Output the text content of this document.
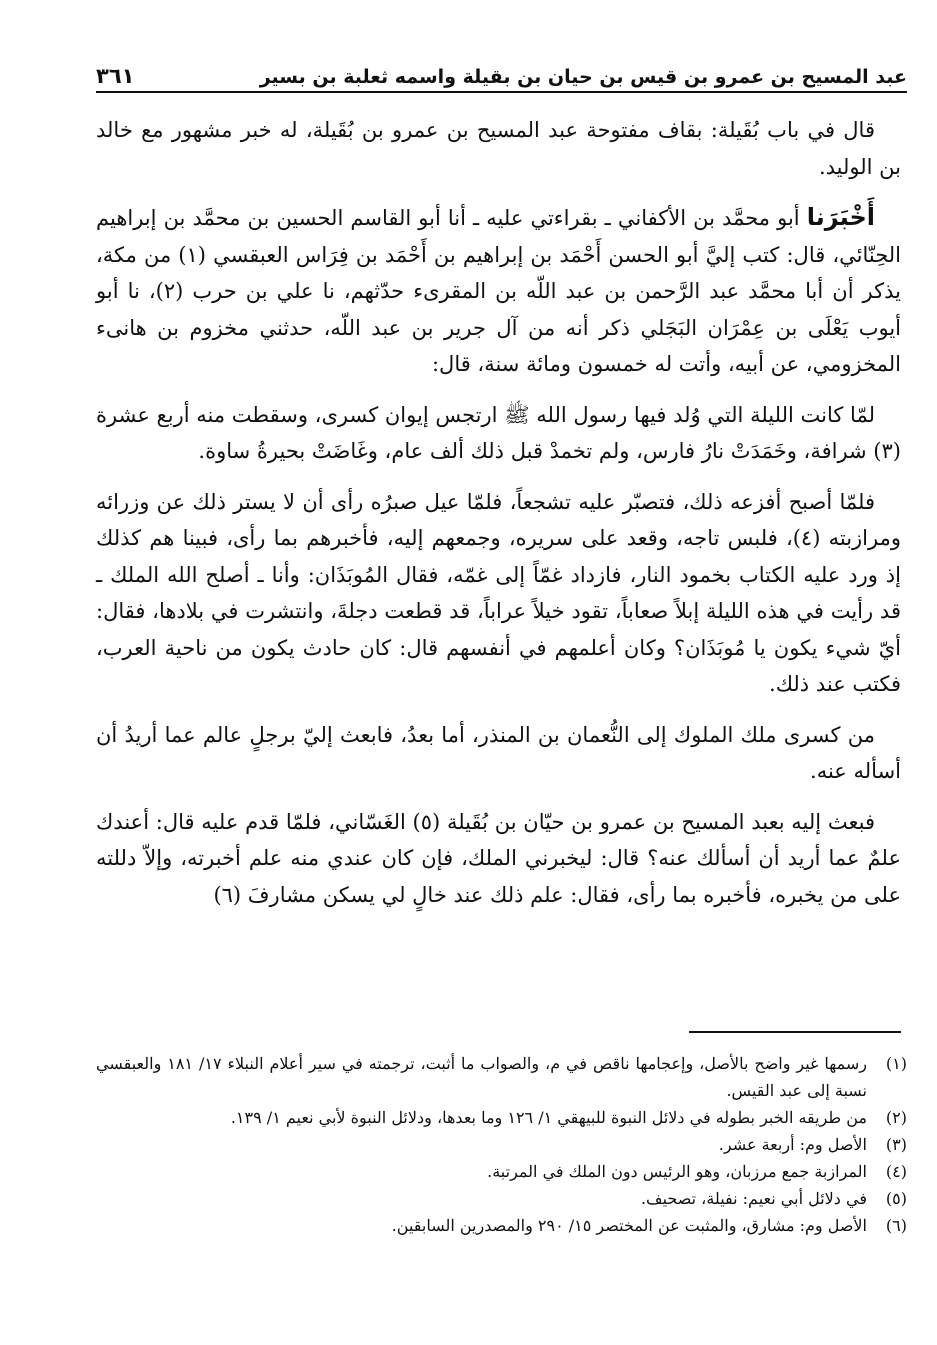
عبد المسيح بن عمرو بن قيس بن حيان بن بقيلة واسمه ثعلبة بن بسير
٣٦١

قال في باب بُقَيلة: بقاف مفتوحة عبد المسيح بن عمرو بن بُقَيلة، له خبر مشهور مع خالد بن الوليد.

أَخْبَرَنا أبو محمَّد بن الأكفاني ـ بقراءتي عليه ـ أنا أبو القاسم الحسين بن محمَّد بن إبراهيم الحِنّائي، قال: كتب إليَّ أبو الحسن أَحْمَد بن إبراهيم بن أَحْمَد بن فِرَاس العبقسي (١) من مكة، يذكر أن أبا محمَّد عبد الرَّحمن بن عبد اللّه بن المقرىء حدّثهم، نا علي بن حرب (٢)، نا أبو أيوب يَعْلَى بن عِمْرَان البَجَلي ذكر أنه من آل جرير بن عبد اللّه، حدثني مخزوم بن هانىء المخزومي، عن أبيه، وأتت له خمسون ومائة سنة، قال:

لمّا كانت الليلة التي وُلد فيها رسول الله ﷺ ارتجس إيوان كسرى، وسقطت منه أربع عشرة (٣) شرافة، وخَمَدَتْ نارُ فارس، ولم تخمدْ قبل ذلك ألف عام، وغَاضَتْ بحيرةُ ساوة.

فلمّا أصبح أفزعه ذلك، فتصبّر عليه تشجعاً، فلمّا عيل صبرُه رأى أن لا يستر ذلك عن وزرائه ومرازبته (٤)، فلبس تاجه، وقعد على سريره، وجمعهم إليه، فأخبرهم بما رأى، فبينا هم كذلك إذ ورد عليه الكتاب بخمود النار، فازداد غمّاً إلى غمّه، فقال المُوبَذَان: وأنا ـ أصلح الله الملك ـ قد رأيت في هذه الليلة إبلاً صعاباً، تقود خيلاً عراباً، قد قطعت دجلةَ، وانتشرت في بلادها، فقال: أيّ شيء يكون يا مُوبَذَان؟ وكان أعلمهم في أنفسهم قال: كان حادث يكون من ناحية العرب، فكتب عند ذلك.

من كسرى ملك الملوك إلى النُّعمان بن المنذر، أما بعدُ، فابعث إليّ برجلٍ عالم عما أريدُ أن أسأله عنه.

فبعث إليه بعبد المسيح بن عمرو بن حيّان بن بُقَيلة (٥) الغَسّاني، فلمّا قدم عليه قال: أعندك علمٌ عما أريد أن أسألك عنه؟ قال: ليخبرني الملك، فإن كان عندي منه علم أخبرته، وإلاّ دللته على من يخبره، فأخبره بما رأى، فقال: علم ذلك عند خالٍ لي يسكن مشارفَ (٦)

(١)
رسمها غير واضح بالأصل، وإعجامها ناقص في م، والصواب ما أثبت، ترجمته في سير أعلام النبلاء ١٧/ ١٨١ والعبقسي نسبة إلى عبد القيس.
(٢)
من طريقه الخبر بطوله في دلائل النبوة للبيهقي ١/ ١٢٦ وما بعدها، ودلائل النبوة لأبي نعيم ١/ ١٣٩.
(٣)
الأصل وم: أربعة عشر.
(٤)
المرازبة جمع مرزبان، وهو الرئيس دون الملك في المرتبة.
(٥)
في دلائل أبي نعيم: نفيلة، تصحيف.
(٦)
الأصل وم: مشارق، والمثبت عن المختصر ١٥/ ٢٩٠ والمصدرين السابقين.
